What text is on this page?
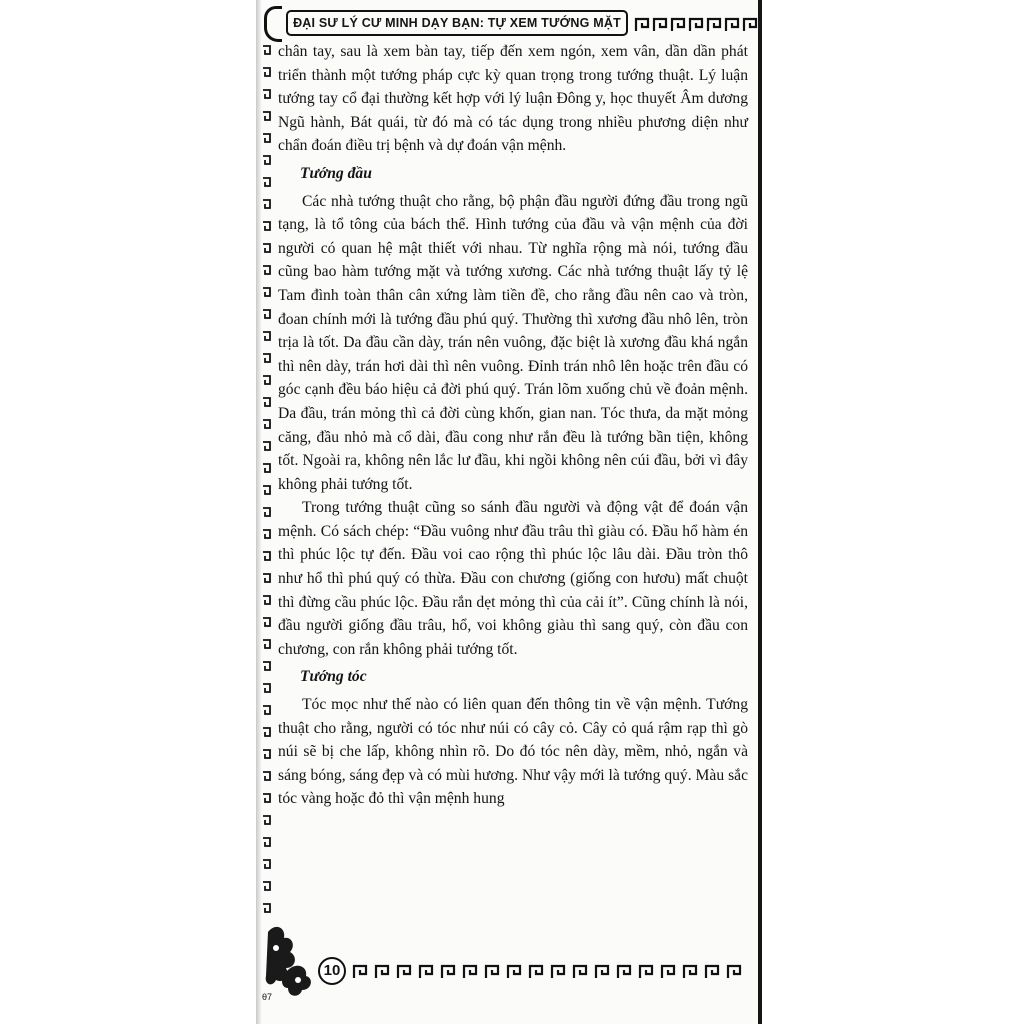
ĐẠI SƯ LÝ CƯ MINH DẠY BẠN: TỰ XEM TƯỚNG MẶT

chân tay, sau là xem bàn tay, tiếp đến xem ngón, xem vân, dần dần phát triển thành một tướng pháp cực kỳ quan trọng trong tướng thuật. Lý luận tướng tay cổ đại thường kết hợp với lý luận Đông y, học thuyết Âm dương Ngũ hành, Bát quái, từ đó mà có tác dụng trong nhiều phương diện như chẩn đoán điều trị bệnh và dự đoán vận mệnh.

Tướng đầu

Các nhà tướng thuật cho rằng, bộ phận đầu người đứng đầu trong ngũ tạng, là tổ tông của bách thể. Hình tướng của đầu và vận mệnh của đời người có quan hệ mật thiết với nhau. Từ nghĩa rộng mà nói, tướng đầu cũng bao hàm tướng mặt và tướng xương. Các nhà tướng thuật lấy tỷ lệ Tam đình toàn thân cân xứng làm tiền đề, cho rằng đầu nên cao và tròn, đoan chính mới là tướng đầu phú quý. Thường thì xương đầu nhô lên, tròn trịa là tốt. Da đầu cần dày, trán nên vuông, đặc biệt là xương đầu khá ngắn thì nên dày, trán hơi dài thì nên vuông. Đỉnh trán nhô lên hoặc trên đầu có góc cạnh đều báo hiệu cả đời phú quý. Trán lõm xuống chủ về đoản mệnh. Da đầu, trán mỏng thì cả đời cùng khốn, gian nan. Tóc thưa, da mặt mỏng căng, đầu nhỏ mà cổ dài, đầu cong như rắn đều là tướng bần tiện, không tốt. Ngoài ra, không nên lắc lư đầu, khi ngồi không nên cúi đầu, bởi vì đây không phải tướng tốt.

Trong tướng thuật cũng so sánh đầu người và động vật để đoán vận mệnh. Có sách chép: “Đầu vuông như đầu trâu thì giàu có. Đầu hổ hàm én thì phúc lộc tự đến. Đầu voi cao rộng thì phúc lộc lâu dài. Đầu tròn thô như hổ thì phú quý có thừa. Đầu con chương (giống con hươu) mất chuột thì đừng cầu phúc lộc. Đầu rắn dẹt mỏng thì của cải ít”. Cũng chính là nói, đầu người giống đầu trâu, hổ, voi không giàu thì sang quý, còn đầu con chương, con rắn không phải tướng tốt.

Tướng tóc

Tóc mọc như thế nào có liên quan đến thông tin về vận mệnh. Tướng thuật cho rằng, người có tóc như núi có cây cỏ. Cây cỏ quá rậm rạp thì gò núi sẽ bị che lấp, không nhìn rõ. Do đó tóc nên dày, mềm, nhỏ, ngắn và sáng bóng, sáng đẹp và có mùi hương. Như vậy mới là tướng quý. Màu sắc tóc vàng hoặc đỏ thì vận mệnh hung

10
θ7
